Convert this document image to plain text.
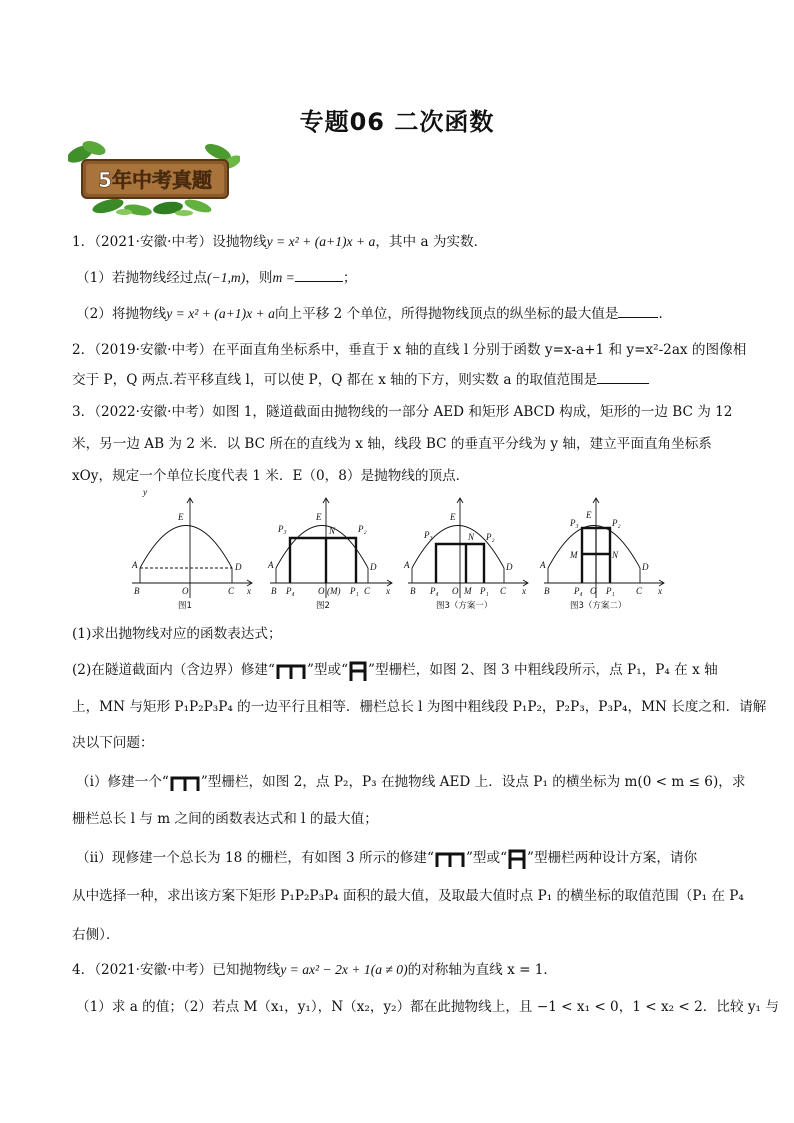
专题06 二次函数
5年中考真题
1．（2021·安徽·中考）设抛物线y = x² + (a+1)x + a，其中 a 为实数．
（1）若抛物线经过点(−1,m)，则m =	；
（2）将抛物线y = x² + (a+1)x + a向上平移 2 个单位，所得抛物线顶点的纵坐标的最大值是	．
2．（2019·安徽·中考）在平面直角坐标系中，垂直于 x 轴的直线 l 分别于函数 y=x-a+1 和 y=x²-2ax 的图像相
交于 P，Q 两点.若平移直线 l，可以使 P，Q 都在 x 轴的下方，则实数 a 的取值范围是
3．（2022·安徽·中考）如图 1，隧道截面由抛物线的一部分 AED 和矩形 ABCD 构成，矩形的一边 BC 为 12
米，另一边 AB 为 2 米．以 BC 所在的直线为 x 轴，线段 BC 的垂直平分线为 y 轴，建立平面直角坐标系
xOy，规定一个单位长度代表 1 米．E（0，8）是抛物线的顶点．
y
E
A	D
B	O	C x
E
P₃	P₂
N
A	D
B P₄	O (M) P₁ C x
E
P₃	P₂
N
A	D
B P₄ O M P₁ C x
E
P₃	P₂
M	N
A	D
B	P₄ O P₁ C x
图1	图2	图3（方案一）	图3（方案二）
(1)求出抛物线对应的函数表达式；
(2)在隧道截面内（含边界）修建“ ”型或“ ”型栅栏，如图 2、图 3 中粗线段所示，点 P₁，P₄ 在 x 轴
上，MN 与矩形 P₁P₂P₃P₄ 的一边平行且相等．栅栏总长 l 为图中粗线段 P₁P₂，P₂P₃，P₃P₄，MN 长度之和．请解
决以下问题：
（ⅰ）修建一个“ ”型栅栏，如图 2，点 P₂，P₃ 在抛物线 AED 上．设点 P₁ 的横坐标为 m(0 < m ≤ 6)，求
栅栏总长 l 与 m 之间的函数表达式和 l 的最大值；
（ⅱ）现修建一个总长为 18 的栅栏，有如图 3 所示的修建“ ”型或“ ”型栅栏两种设计方案，请你
从中选择一种，求出该方案下矩形 P₁P₂P₃P₄ 面积的最大值，及取最大值时点 P₁ 的横坐标的取值范围（P₁ 在 P₄
右侧）．
4．（2021·安徽·中考）已知抛物线y = ax² − 2x + 1(a ≠ 0)的对称轴为直线 x = 1．
（1）求 a 的值；（2）若点 M（x₁，y₁），N（x₂，y₂）都在此抛物线上，且 −1 < x₁ < 0，1 < x₂ < 2．比较 y₁ 与
